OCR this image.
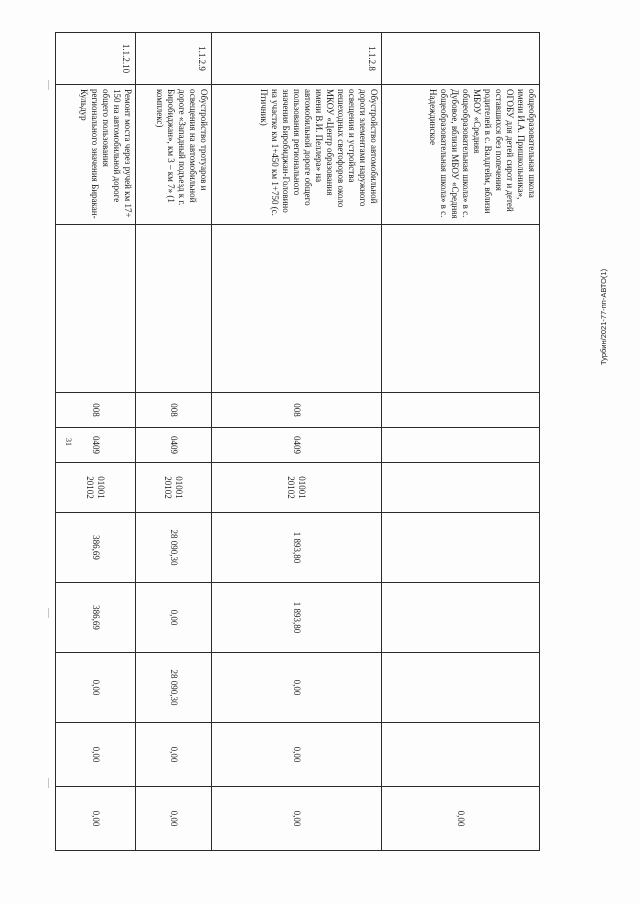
31
Турбин/2021-77-пп-АВТО(1)
	общеобразовательная школа имени И.А. Пришкольника», ОГОБУ для детей сирот и детей оставшихся без попечения родителей в с. Валдгейм, вблизи МБОУ «Средняя общеобразовательная школа» в с. Дубовое, вблизи МБОУ «Средняя общеобразовательная школа» в с. Надеждинское									0,00	
1.1.2.8	Обустройство автомобильной дороги элементами наружного освещения и устройства пешеходных светофоров около МКОУ «Центр образования имени В.И. Пеллера» на автомобильной дороге общего пользования регионального значения Биробиджан-Головино на участке км 1+450 км 1+750 (с. Птичник)		008	0409	01001 20102	1 893,80	1 893,80	0,00	0,00	0,00	
1.1.2.9	Обустройство тротуаров и освещения на автомобильной дороге «Западный подъезд к г. Биробиджан», км 3 – км 7» (1 комплекс)		008	0409	01001 20102	28 090,30	0,00	28 090,30	0,00	0,00	
1.1.2.10	Ремонт моста через ручей км 17+ 150 на автомобильной дороге общего пользования регионального значения Биракан-Кульдур		008	0409	01001 20102	386,69	386,69	0,00	0,00	0,00	
